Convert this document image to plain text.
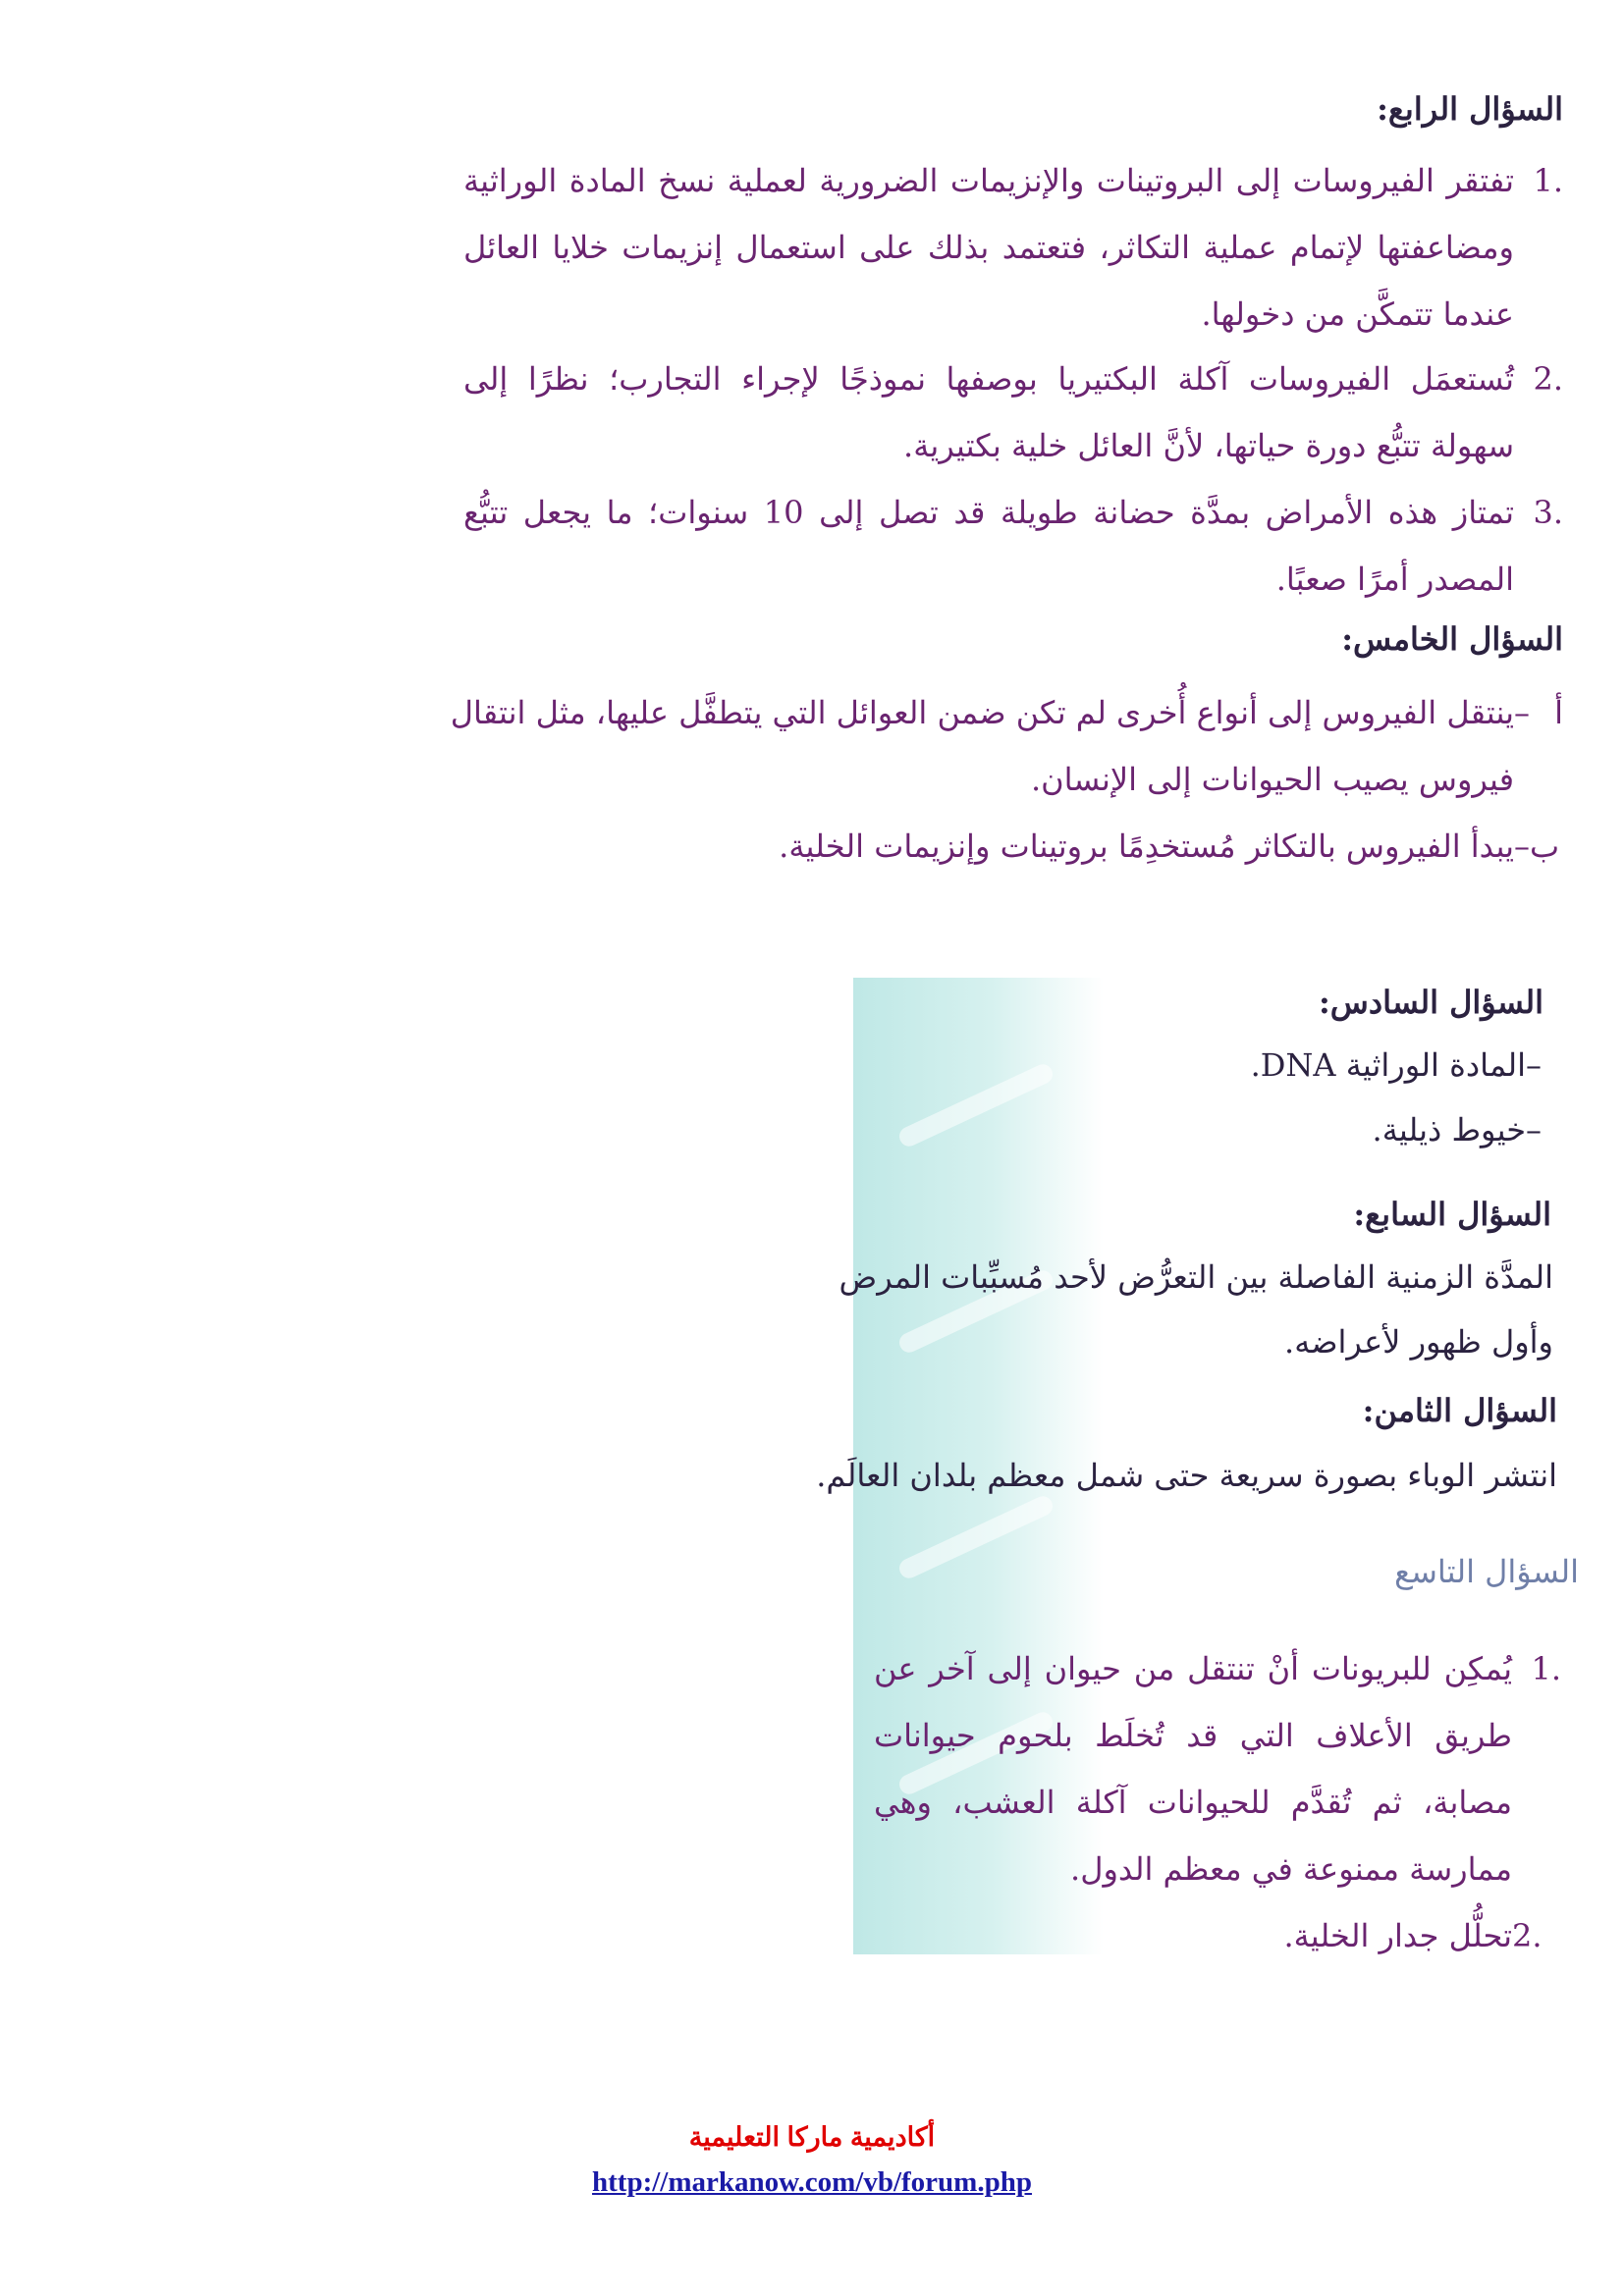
السؤال الرابع:
.1تفتقر الفيروسات إلى البروتينات والإنزيمات الضرورية لعملية نسخ المادة الوراثية
ومضاعفتها لإتمام عملية التكاثر، فتعتمد بذلك على استعمال إنزيمات خلايا العائل
عندما تتمكَّن من دخولها.
.2تُستعمَل الفيروسات آكلة البكتيريا بوصفها نموذجًا لإجراء التجارب؛ نظرًا إلى
سهولة تتبُّع دورة حياتها، لأنَّ العائل خلية بكتيرية.
.3تمتاز هذه الأمراض بمدَّة حضانة طويلة قد تصل إلى 10 سنوات؛ ما يجعل تتبُّع
المصدر أمرًا صعبًا.
السؤال الخامس:
أ –ينتقل الفيروس إلى أنواع أُخرى لم تكن ضمن العوائل التي يتطفَّل عليها، مثل انتقال
فيروس يصيب الحيوانات إلى الإنسان.
ب–يبدأ الفيروس بالتكاثر مُستخدِمًا بروتينات وإنزيمات الخلية.
السؤال السادس:
–المادة الوراثية DNA.
–خيوط ذيلية.
السؤال السابع:
المدَّة الزمنية الفاصلة بين التعرُّض لأحد مُسبِّبات المرض
وأول ظهور لأعراضه.
السؤال الثامن:
انتشر الوباء بصورة سريعة حتى شمل معظم بلدان العالَم.
السؤال التاسع
.1يُمكِن للبريونات أنْ تنتقل من حيوان إلى آخر عن
طريق الأعلاف التي قد تُخلَط بلحوم حيوانات
مصابة، ثم تُقدَّم للحيوانات آكلة العشب، وهي
ممارسة ممنوعة في معظم الدول.
.2تحلُّل جدار الخلية.
أكاديمية ماركا التعليمية
http://markanow.com/vb/forum.php
